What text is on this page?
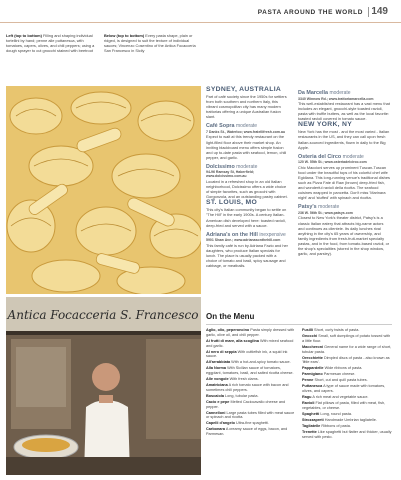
PASTA AROUND THE WORLD 149

Left (top to bottom) Filling and shaping individual tortellini by hand; penne alle puttanesca, with tomatoes, capers, olives, and chili peppers; using a dough sprayer to cut gnocchi stained with beetroot

Below (top to bottom) Every pasta shape, plain or ridged, is designed to suit the texture of individual sauces; Vincenzo Cosentino of the Antica Focacceria San Francesco in Sicily

Antica Focacceria S. Francesco
SYDNEY, AUSTRALIA

Part of café society since the 1950s for settlers from both southern and northern Italy, this vibrant cosmopolitan city has many modern trattorias offering a unique Australian fusion slant.

Café Sopra moderate

7 Danks St., Waterloo; www.fratellifresh.com.au

Expect to wait at this trendy restaurant on the light-filled floor above their market shop. An inviting blackboard menu offers simple fusion and up to-date pasta with seafood, lemon, chili pepper, and garlic.

Dolcissimo moderate

94-96 Ramsay St, Haberfield; www.dolcissimo.com.au

Located in a refreshed shop in an old Italian neighborhood, Dolcissimo offers a wide choice of simple favorites, such as gnocchi with Gorgonzola, and an outstanding pastry cabinet.

ST. LOUIS, MO

This city's Italian community began to settle on "The Hill" in the early 1900s. A century Italian-American dish developed here: toasted ravioli, deep-fried and served with a sauce.

Adriana's on the Hill inexpensive

5901 Shaw Ave.; www.adrianasonthehill.com

This family café is run by Adriana Fazio and her daughters, who produce Italian specials for lunch. The place is usually packed with a choice of tomato and basil, spicy sausage and cabbage, or meatballs.

Da Marcella moderate

3340 Winnow Rd.; www.trattoriamarcella.com

This well-established restaurant has a vast menu that includes an elegant, gnocchi-style toasted ravioli, pasta with truffle butters, as well as the local favorite: toasted ravioli covered in tomato sauce.

NEW YORK, NY

New York has the most - and the most varied - Italian restaurants in the US, and they can call upon fresh Italian-sourced ingredients, flown in daily to the Big Apple.

Osteria del Circo moderate

120 W. 55th St.; www.osteriadelcirco.com

Chic Maccioni serves up prominent Tuscan-Tuscan food under the beautiful tops of his colorful chef wife Egidiana. This long-running venue's traditional dishes such as Pizza Fate di Raw (brown) deep-fried fish, and wonderful ravioli della ricotta. The seafood cuisines wrapped in pancetta. Don't miss 'Marinara night' and 'stuffed' with spinach and ricotta.

Patsy's moderate

236 W. 56th St.; www.patsys.com

Closest to New York's theater district, Patsy's is a classic Italian eatery that attracts big-name actors and continues as clientele. Its daily lunches rival anything in the city's 65 years of ownership, and family ingredients from fresh-fruit-market specialty pastas, and in the food, from tomato-based ravioli, or the shop's specialities (stored in the shop window, garlic, and parsley).

On the Menu

Aglio, olio, peperoncino Pasta simply dressed with garlic, olive oil, and chili pepper.

Ai frutti di mare, alla scoglina With mixed seafood and garlic.

Al nero di seppia With cuttlefish ink, a squid ink sauce.

All'arrabbiata With a hot-and-spicy tomato sauce.

Alla Norma With Sicilian sauce of tomatoes, eggplant, tomatoes, basil, and salted ricotta cheese.

Alle vongole With fresh clams.

Amatriciana A rich tomato sauce with bacon and sometimes chili peppers.

Boscaiola Long, tubular pasta.

Cacio e pepe Melted Caciocavallo cheese and pepper.

Cannelloni Large pasta tubes filled with meat sauce or spinach and ricotta.

Capelli d'angelo Ultra-fine spaghetti.

Carbonara A creamy sauce of eggs, bacon, and Parmesan.

Fusilli Short, curly twists of pasta.

Gnocchi Small, soft dumplings of potato tossed with a little flour.

Maccheroni General name for a wide range of short, tubular pasta.

Orecchiette Dimpled discs of pasta - also known as 'little ears'.

Pappardelle Wide ribbons of pasta.

Parmigiano Parmesan cheese.

Penne Short, cut and quill pasta tubes.

Puttanesca A type of sauce made with tomatoes, olives, and capers.

Ragu A rich meat and vegetable sauce.

Ravioli Flat pillows of pasta, filled with meat, fish, vegetables, or cheese.

Spaghetti Long, round pasta.

Strozzapreti Handmade Umbrian tagliatelle.

Tagliatelle Ribbons of pasta.

Trenette Like spaghetti but flatter and thicker, usually served with pesto.
